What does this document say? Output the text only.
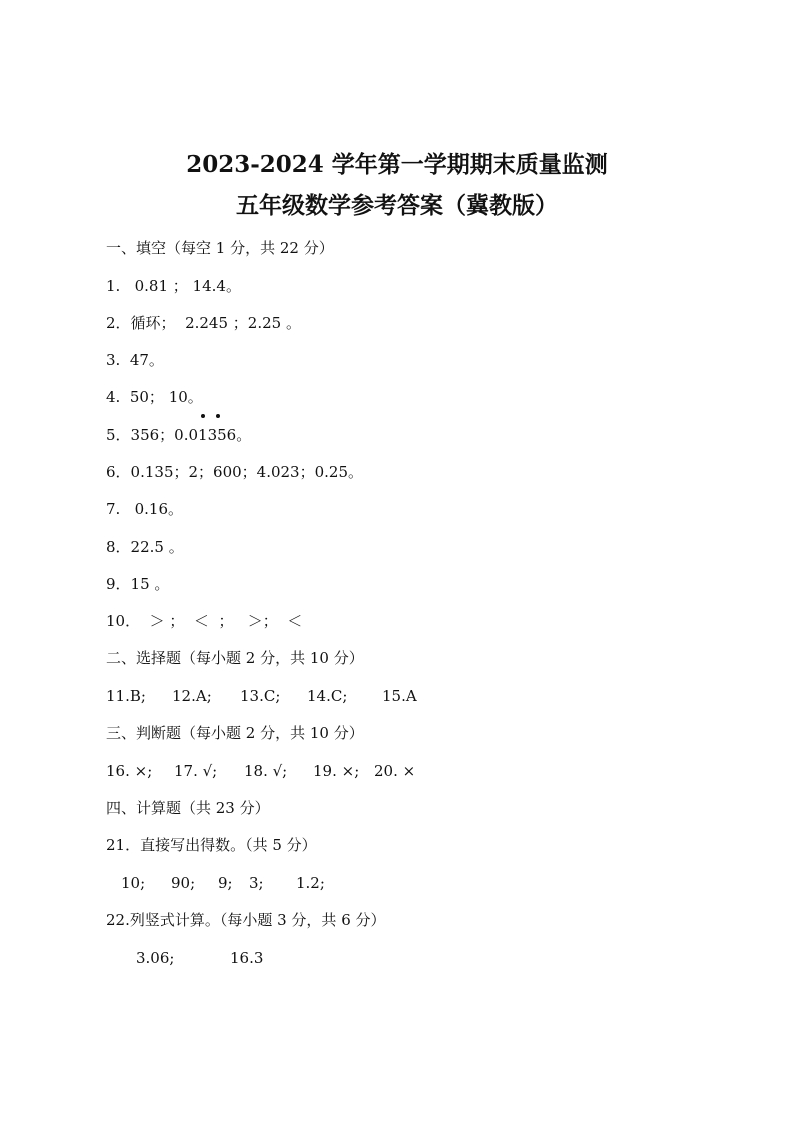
2023-2024 学年第一学期期末质量监测
五年级数学参考答案（冀教版）
一、填空（每空 1 分，共 22 分）
1.   0.81 ； 14.4。
2．循环；  2.245 ；2.25 。
3.  47。
4.  50； 10。
5．356；0.01356。
6．0.135；2；600；4.023；0.25。
7.   0.16。
8．22.5 。
9．15 。
10．  ＞ ；  ＜  ；   ＞；  ＜
二、选择题（每小题 2 分，共 10 分）

11.B;

12.A;

13.C;

14.C;

15.A

三、判断题（每小题 2 分，共 10 分）

16. ×;

17. √;

18. √;

19. ×;

20. ×

四、计算题（共 23 分）
21．直接写出得数。（共 5 分）

10;

90;

9;

3;

1.2;

22.列竖式计算。（每小题 3 分，共 6 分）

3.06;

	16.3
